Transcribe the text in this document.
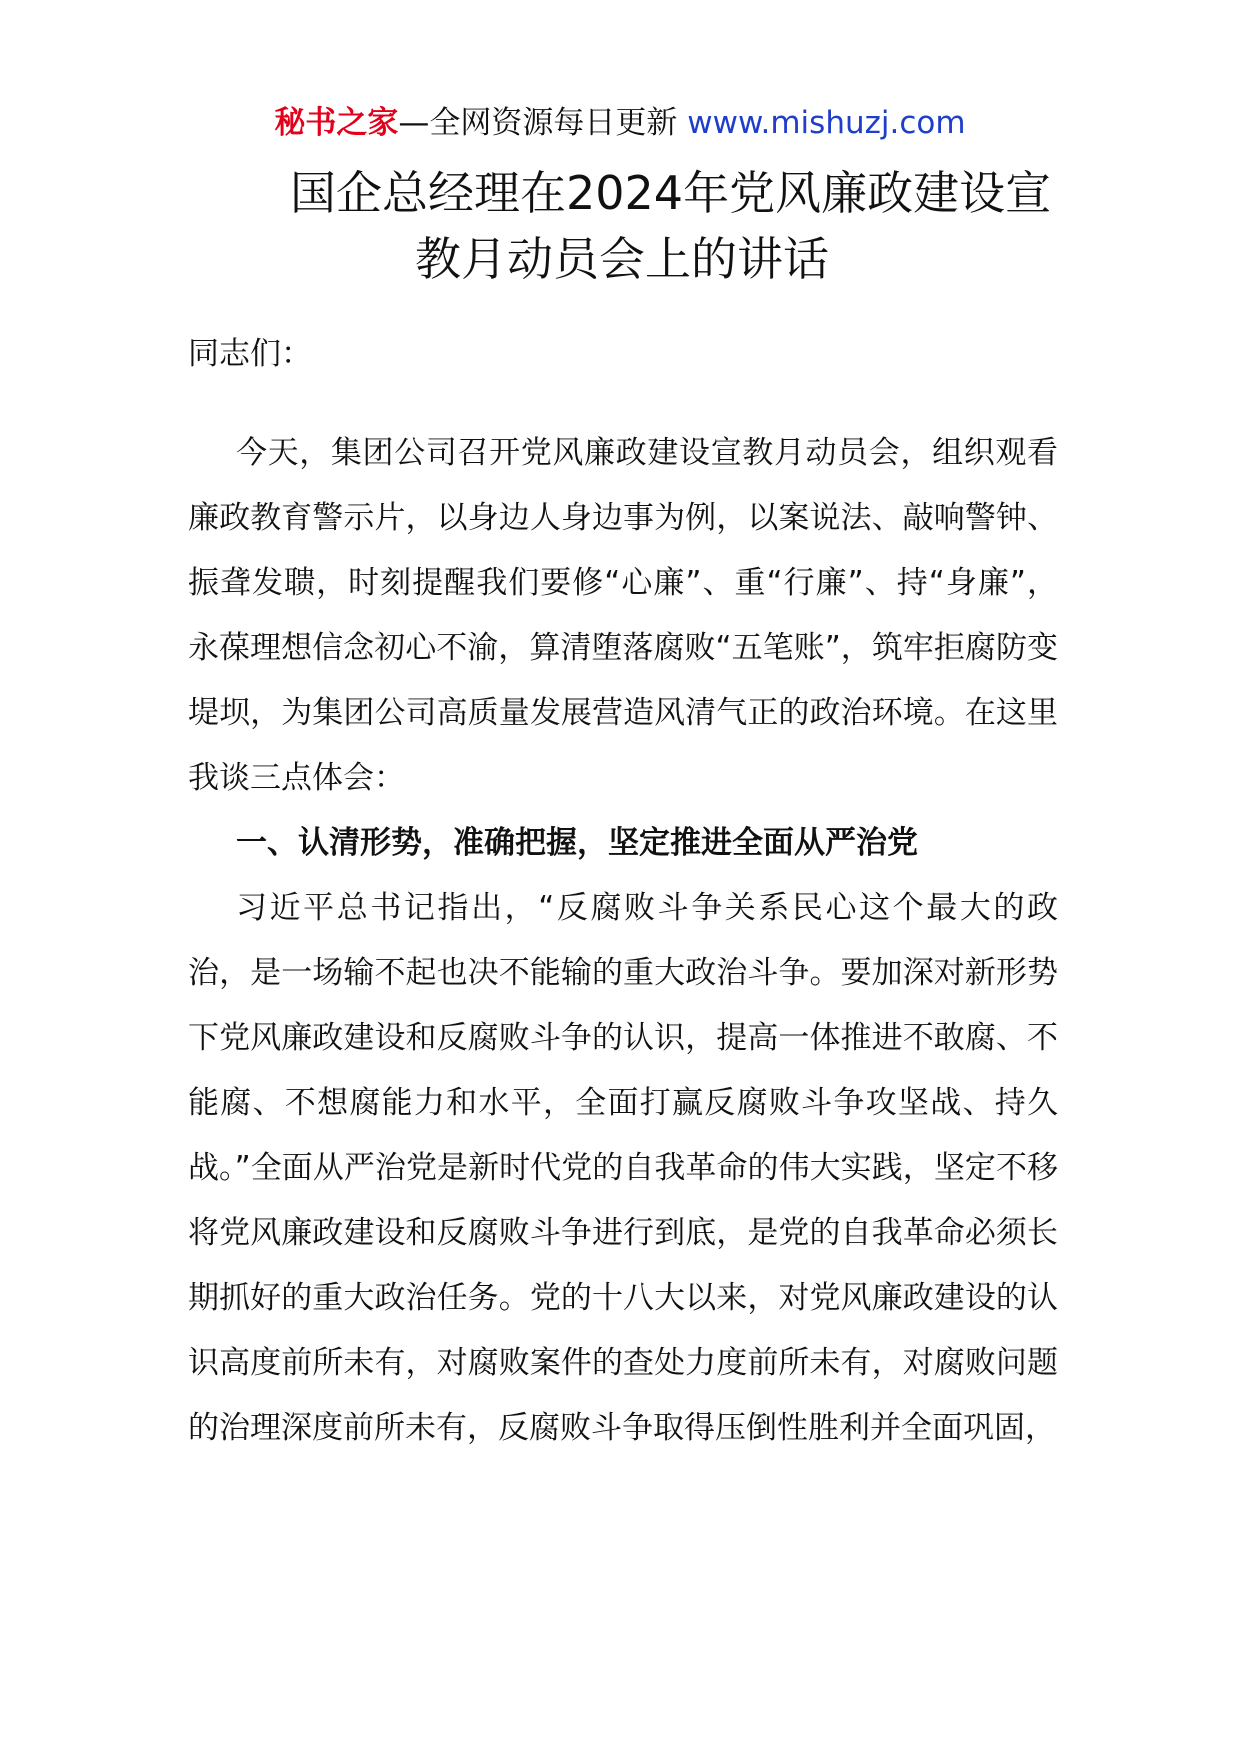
秘书之家—全网资源每日更新 www.mishuzj.com
国企总经理在2024年党风廉政建设宣
教月动员会上的讲话

同志们：

今天，集团公司召开党风廉政建设宣教月动员会，组织观看廉政教育警示片，以身边人身边事为例，以案说法、敲响警钟、振聋发聩，时刻提醒我们要修“心廉”、重“行廉”、持“身廉”，永葆理想信念初心不渝，算清堕落腐败“五笔账”，筑牢拒腐防变堤坝，为集团公司高质量发展营造风清气正的政治环境。在这里我谈三点体会：

一、认清形势，准确把握，坚定推进全面从严治党

习近平总书记指出，“反腐败斗争关系民心这个最大的政治，是一场输不起也决不能输的重大政治斗争。要加深对新形势下党风廉政建设和反腐败斗争的认识，提高一体推进不敢腐、不能腐、不想腐能力和水平，全面打赢反腐败斗争攻坚战、持久战。”全面从严治党是新时代党的自我革命的伟大实践，坚定不移将党风廉政建设和反腐败斗争进行到底，是党的自我革命必须长期抓好的重大政治任务。党的十八大以来，对党风廉政建设的认识高度前所未有，对腐败案件的查处力度前所未有，对腐败问题的治理深度前所未有，反腐败斗争取得压倒性胜利并全面巩固，
